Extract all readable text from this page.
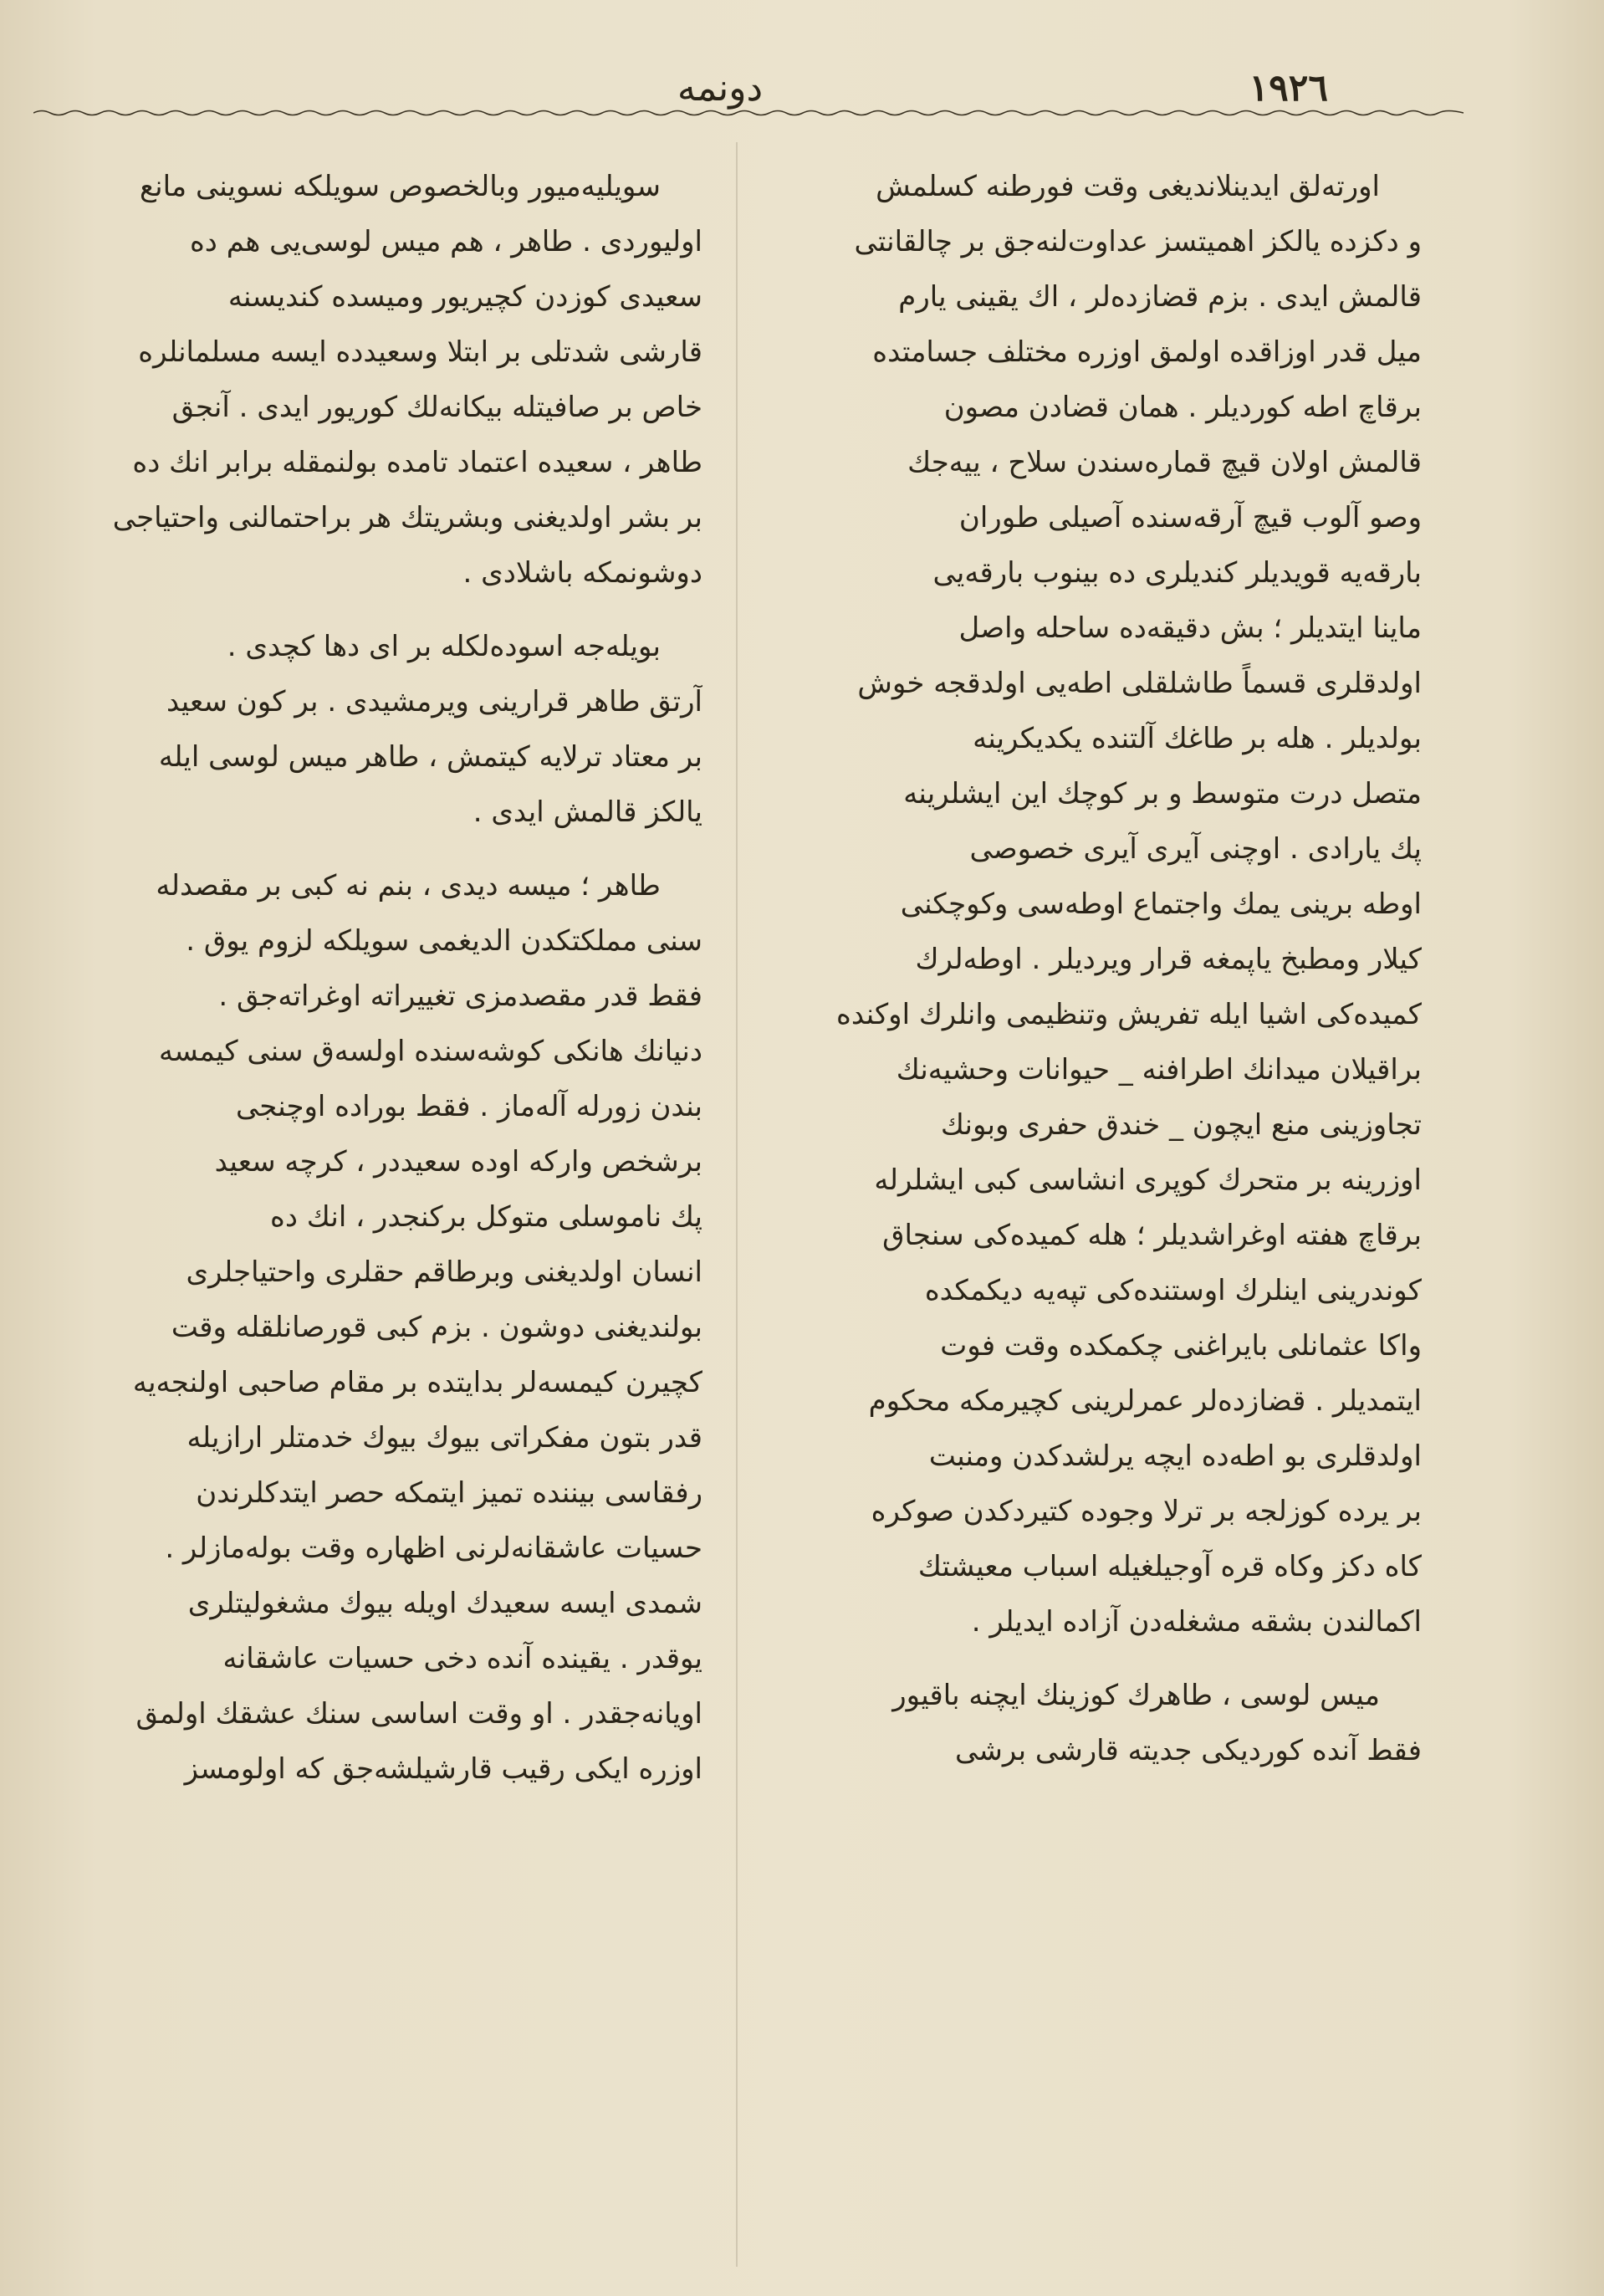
١٩٢٦
دونمه
اورته‌لق ایدینلاندیغی وقت فورطنه کسلمش
و دکزده یالکز اهمیتسز عداوت‌لنه‌جق بر چالقانتی
قالمش ایدی . بزم قضازده‌لر ، اك یقینی یارم
میل قدر اوزاقده اولمق اوزره مختلف جسامتده
برقاچ اطه کوردیلر . همان قضادن مصون
قالمش اولان قیچ قماره‌سندن سلاح ، ییه‌جك
وصو آلوب قیچ آرقه‌سنده آصیلی طوران
بارقه‌یه قویدیلر کندیلری ده بینوب بارقه‌یی
ماینا ایتدیلر ؛ بش دقیقه‌ده ساحله واصل
اولدقلری قسماً طاشلقلی اطه‌یی اولدقجه خوش
بولدیلر . هله بر طاغك آلتنده یکدیکرینه
متصل درت متوسط و بر کوچك این ایشلرینه
پك یارادی . اوچنی آیری آیری خصوصی
اوطه برینی یمك واجتماع اوطه‌سی وکوچکنی
کیلار ومطبخ یاپمغه قرار ویردیلر . اوطه‌لرك
کمیده‌کی اشیا ایله تفریش وتنظیمی وانلرك اوکنده
براقیلان میدانك اطرافنه _ حیوانات وحشیه‌نك
تجاوزینی منع ایچون _ خندق حفری وبونك
اوزرینه بر متحرك کوپری انشاسی کبی ایشلرله
برقاچ هفته اوغراشدیلر ؛ هله کمیده‌کی سنجاق
کوندرینی اینلرك اوستنده‌کی تپه‌یه دیکمکده
واکا عثمانلی بایراغنی چکمکده وقت فوت
ایتمدیلر . قضازده‌لر عمرلرینی کچیرمکه محکوم
اولدقلری بو اطه‌ده ایچه یرلشدکدن ومنبت
بر یرده کوزلجه بر ترلا وجوده کتیردکدن صوکره
کاه دکز وکاه قره آوجیلغیله اسباب معیشتك
اکمالندن بشقه مشغله‌دن آزاده ایدیلر .
میس لوسی ، طاهرك کوزینك ایچنه باقیور
فقط آنده کوردیکی جدیته قارشی برشی
سویلیه‌میور وبالخصوص سویلکه نسوینی مانع
اولیوردی . طاهر ، هم میس لوسی‌یی هم ده
سعیدی کوزدن کچیریور ومیسده کندیسنه
قارشی شدتلی بر ابتلا وسعیدده ایسه مسلمانلره
خاص بر صافیتله بیکانه‌لك کوریور ایدی . آنجق
طاهر ، سعیده اعتماد تامده بولنمقله برابر انك ده
بر بشر اولدیغنی وبشریتك هر براحتمالنی واحتیاجی
دوشونمکه باشلادی .
بویله‌جه اسوده‌لکله بر ای دها کچدی .
آرتق طاهر قرارینی ویرمشیدی . بر کون سعید
بر معتاد ترلایه کیتمش ، طاهر میس لوسی ایله
یالکز قالمش ایدی .
طاهر ؛ میسه دیدی ، بنم نه کبی بر مقصدله
سنی مملکتکدن الدیغمی سویلکه لزوم یوق .
فقط قدر مقصدمزی تغییراته اوغراته‌جق .
دنیانك هانکی کوشه‌سنده اولسه‌ق سنی کیمسه
بندن زورله آله‌ماز . فقط بوراده اوچنجی
برشخص وارکه اوده سعیددر ، کرچه سعید
پك ناموسلی متوکل برکنجدر ، انك ده
انسان اولدیغنی وبرطاقم حقلری واحتیاجلری
بولندیغنی دوشون . بزم کبی قورصانلقله وقت
کچیرن کیمسه‌لر بدایتده بر مقام صاحبی اولنجه‌یه
قدر بتون مفکراتی بیوك بیوك خدمتلر ارازیله
رفقاسی بیننده تمیز ایتمکه حصر ایتدکلرندن
حسیات عاشقانه‌لرنی اظهاره وقت بوله‌مازلر .
شمدی ایسه سعیدك اویله بیوك مشغولیتلری
یوقدر . یقینده آنده دخی حسیات عاشقانه
اویانه‌جقدر . او وقت اساسی سنك عشقك اولمق
اوزره ایکی رقیب قارشیلشه‌جق که اولومسز
